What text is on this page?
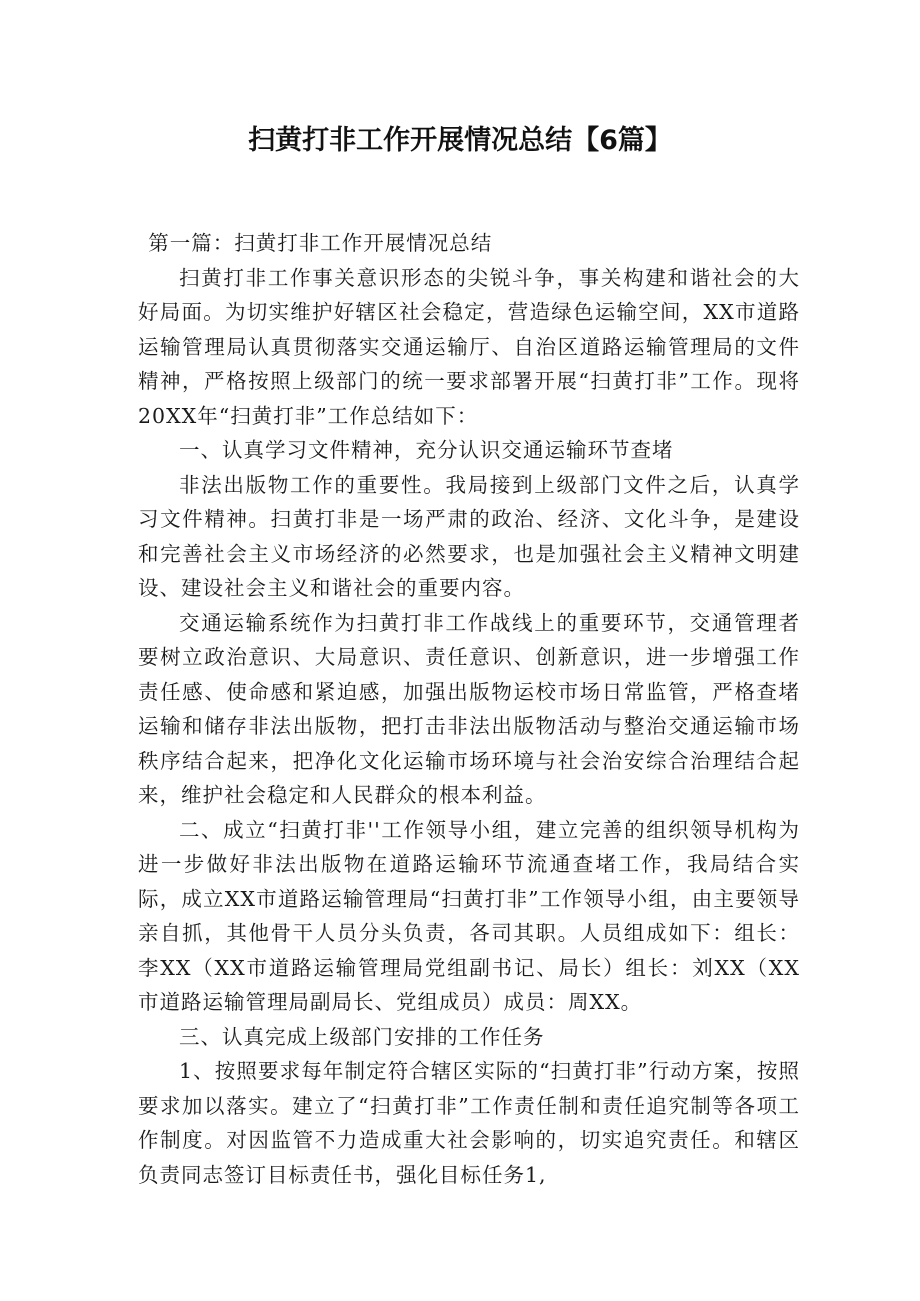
扫黄打非工作开展情况总结【6篇】

第一篇：扫黄打非工作开展情况总结

扫黄打非工作事关意识形态的尖锐斗争，事关构建和谐社会的大好局面。为切实维护好辖区社会稳定，营造绿色运输空间，XX市道路运输管理局认真贯彻落实交通运输厅、自治区道路运输管理局的文件精神，严格按照上级部门的统一要求部署开展“扫黄打非”工作。现将20XX年“扫黄打非”工作总结如下：

一、认真学习文件精神，充分认识交通运输环节查堵

非法出版物工作的重要性。我局接到上级部门文件之后，认真学习文件精神。扫黄打非是一场严肃的政治、经济、文化斗争，是建设和完善社会主义市场经济的必然要求，也是加强社会主义精神文明建设、建设社会主义和谐社会的重要内容。

交通运输系统作为扫黄打非工作战线上的重要环节，交通管理者要树立政治意识、大局意识、责任意识、创新意识，进一步增强工作责任感、使命感和紧迫感，加强出版物运校市场日常监管，严格查堵运输和储存非法出版物，把打击非法出版物活动与整治交通运输市场秩序结合起来，把净化文化运输市场环境与社会治安综合治理结合起来，维护社会稳定和人民群众的根本利益。

二、成立“扫黄打非''工作领导小组，建立完善的组织领导机构为进一步做好非法出版物在道路运输环节流通查堵工作，我局结合实际，成立XX市道路运输管理局“扫黄打非”工作领导小组，由主要领导亲自抓，其他骨干人员分头负责，各司其职。人员组成如下：组长：李XX（XX市道路运输管理局党组副书记、局长）组长：刘XX（XX市道路运输管理局副局长、党组成员）成员：周XX。

三、认真完成上级部门安排的工作任务

1、按照要求每年制定符合辖区实际的“扫黄打非”行动方案，按照要求加以落实。建立了“扫黄打非”工作责任制和责任追究制等各项工作制度。对因监管不力造成重大社会影响的，切实追究责任。和辖区负责同志签订目标责任书，强化目标任务1,
